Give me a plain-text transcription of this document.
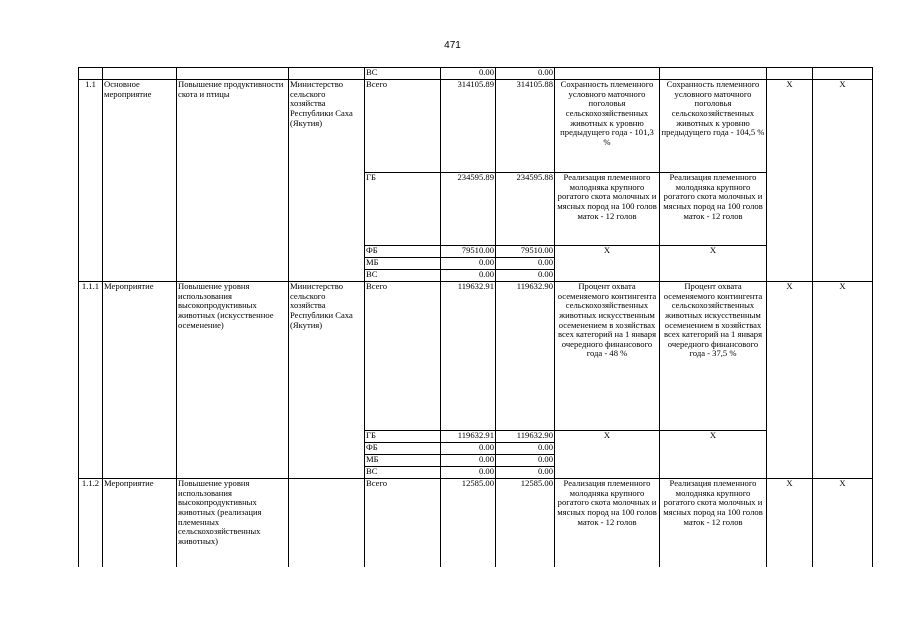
471
				ВС	0.00	0.00				
1.1	Основное мероприятие	Повышение продуктивности скота и птицы	Министерство сельского хозяйства Республики Саха (Якутия)	Всего	314105.89	314105.88	Сохранность племенного условного маточного поголовья сельскохозяйственных животных к уровню предыдущего года - 101,3 %	Сохранность племенного условного маточного поголовья сельскохозяйственных животных к уровню предыдущего года - 104,5 %	Х	Х
				ГБ	234595.89	234595.88	Реализация племенного молодняка крупного рогатого скота молочных и мясных пород на 100 голов маток - 12 голов	Реализация племенного молодняка крупного рогатого скота молочных и мясных пород на 100 голов маток - 12 голов		
				ФБ	79510.00	79510.00	Х	Х		
				МБ	0.00	0.00				
				ВС	0.00	0.00				
1.1.1	Мероприятие	Повышение уровня использования высокопродуктивных животных (искусственное осеменение)	Министерство сельского хозяйства Республики Саха (Якутия)	Всего	119632.91	119632.90	Процент охвата осеменяемого контингента сельскохозяйственных животных искусственным осеменением в хозяйствах всех категорий на 1 января очередного финансового года - 48 %	Процент охвата осеменяемого контингента сельскохозяйственных животных искусственным осеменением в хозяйствах всех категорий на 1 января очередного финансового года - 37,5 %	Х	Х
				ГБ	119632.91	119632.90	Х	Х		
				ФБ	0.00	0.00				
				МБ	0.00	0.00				
				ВС	0.00	0.00				
1.1.2	Мероприятие	Повышение уровня использования высокопродуктивных животных (реализация племенных сельскохозяйственных животных)		Всего	12585.00	12585.00	Реализация племенного молодняка крупного рогатого скота молочных и мясных пород на 100 голов маток - 12 голов	Реализация племенного молодняка крупного рогатого скота молочных и мясных пород на 100 голов маток - 12 голов	Х	Х
